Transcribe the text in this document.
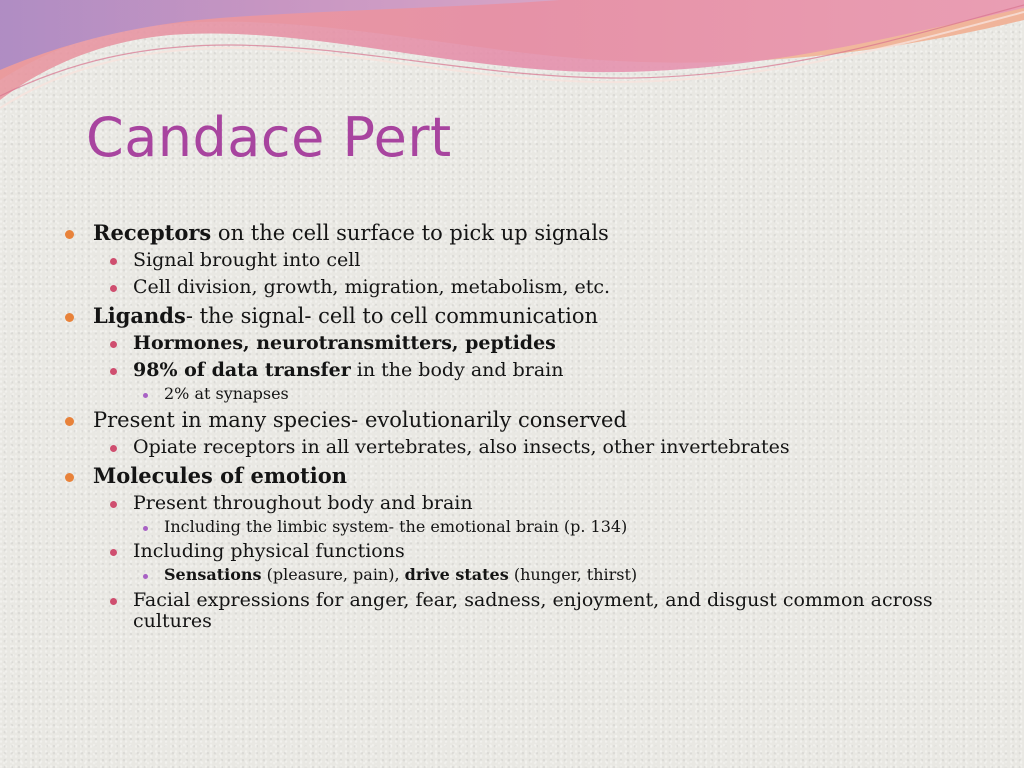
Candace Pert
Receptors on the cell surface to pick up signals
Signal brought into cell
Cell division, growth, migration, metabolism, etc.
Ligands- the signal- cell to cell communication
Hormones, neurotransmitters, peptides
98% of data transfer in the body and brain
2% at synapses
Present in many species- evolutionarily conserved
Opiate receptors in all vertebrates, also insects, other invertebrates
Molecules of emotion
Present throughout body and brain
Including the limbic system- the emotional brain (p. 134)
Including physical functions
Sensations (pleasure, pain), drive states (hunger, thirst)
Facial expressions for anger, fear, sadness, enjoyment, and disgust common across cultures
